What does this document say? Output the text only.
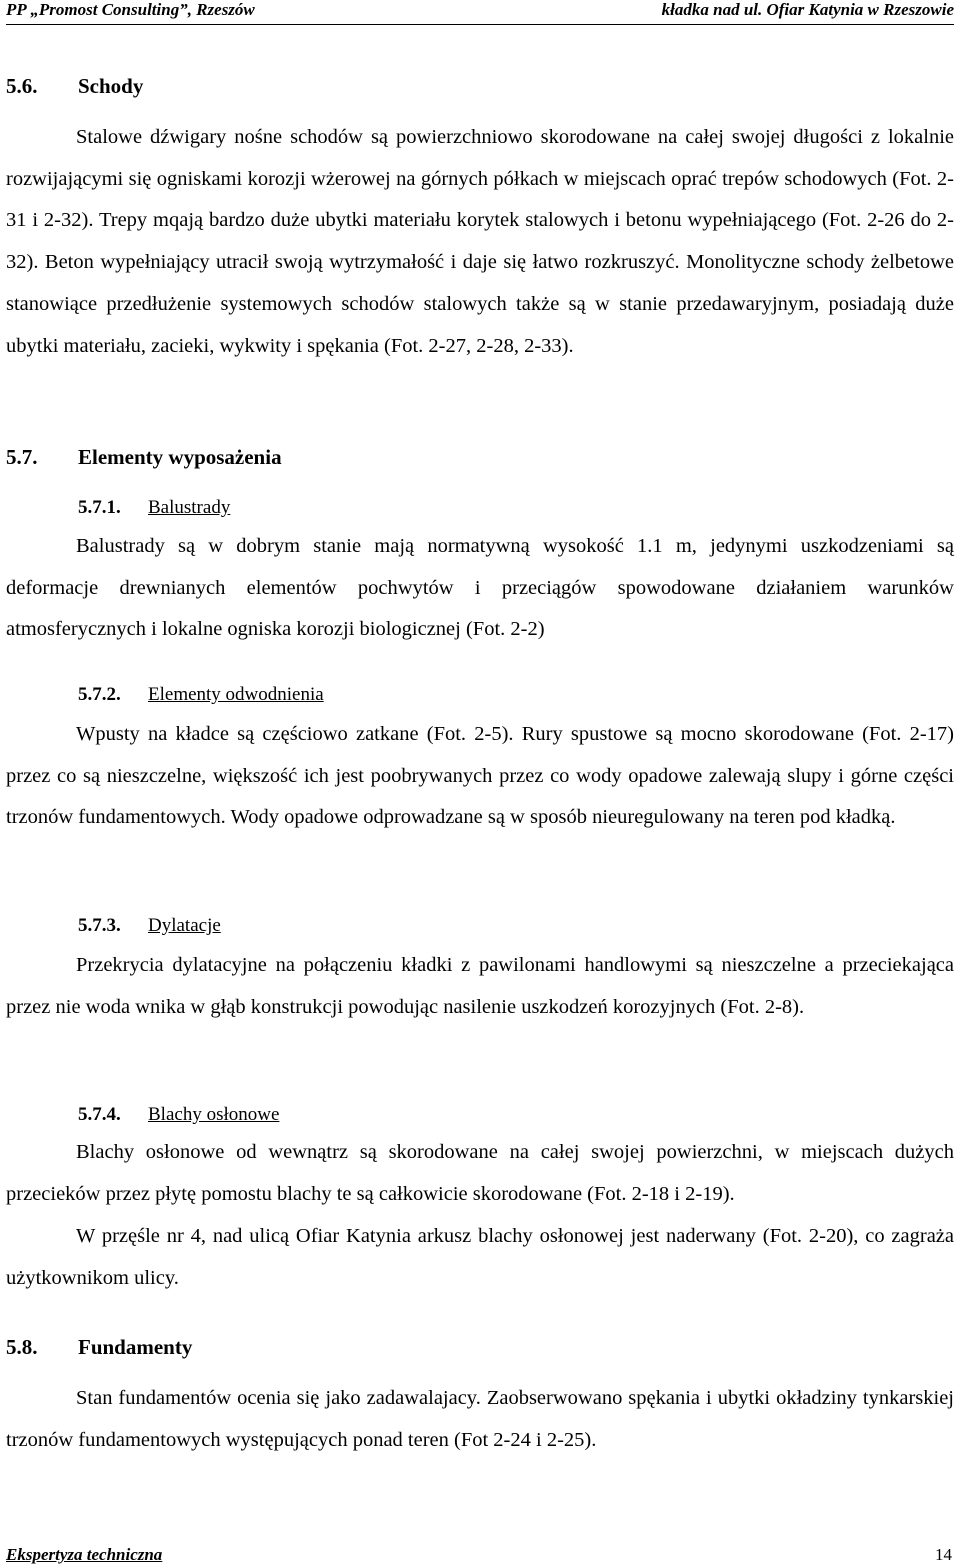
PP „Promost Consulting”, Rzeszów	kładka nad ul. Ofiar Katynia w Rzeszowie
5.6. Schody
Stalowe dźwigary nośne schodów są powierzchniowo skorodowane na całej swojej długości z lokalnie rozwijającymi się ogniskami korozji wżerowej na górnych półkach w miejscach oprać trepów schodowych (Fot. 2-31 i 2-32). Trepy mqają bardzo duże ubytki materiału korytek stalowych i betonu wypełniającego (Fot. 2-26 do 2-32). Beton wypełniający utracił swoją wytrzymałość i daje się łatwo rozkruszyć. Monolityczne schody żelbetowe stanowiące przedłużenie systemowych schodów stalowych także są w stanie przedawaryjnym, posiadają duże ubytki materiału, zacieki, wykwity i spękania (Fot. 2-27, 2-28, 2-33).
5.7. Elementy wyposażenia
5.7.1. Balustrady
Balustrady są w dobrym stanie mają normatywną wysokość 1.1 m, jedynymi uszkodzeniami są deformacje drewnianych elementów pochwytów i przeciągów spowodowane działaniem warunków atmosferycznych i lokalne ogniska korozji biologicznej (Fot. 2-2)
5.7.2. Elementy odwodnienia
Wpusty na kładce są częściowo zatkane (Fot. 2-5). Rury spustowe są mocno skorodowane (Fot. 2-17) przez co są nieszczelne, większość ich jest poobrywanych przez co wody opadowe zalewają slupy i górne części trzonów fundamentowych. Wody opadowe odprowadzane są w sposób nieuregulowany na teren pod kładką.
5.7.3. Dylatacje
Przekrycia dylatacyjne na połączeniu kładki z pawilonami handlowymi są nieszczelne a przeciekająca przez nie woda wnika w głąb konstrukcji powodując nasilenie uszkodzeń korozyjnych (Fot. 2-8).
5.7.4. Blachy osłonowe
Blachy osłonowe od wewnątrz są skorodowane na całej swojej powierzchni, w miejscach dużych przecieków przez płytę pomostu blachy te są całkowicie skorodowane (Fot. 2-18 i 2-19).
W przęśle nr 4, nad ulicą Ofiar Katynia arkusz blachy osłonowej jest naderwany (Fot. 2-20), co zagraża użytkownikom ulicy.
5.8. Fundamenty
Stan fundamentów ocenia się jako zadawalajacy. Zaobserwowano spękania i ubytki okładziny tynkarskiej trzonów fundamentowych występujących ponad teren (Fot 2-24 i 2-25).
Ekspertyza techniczna	14
